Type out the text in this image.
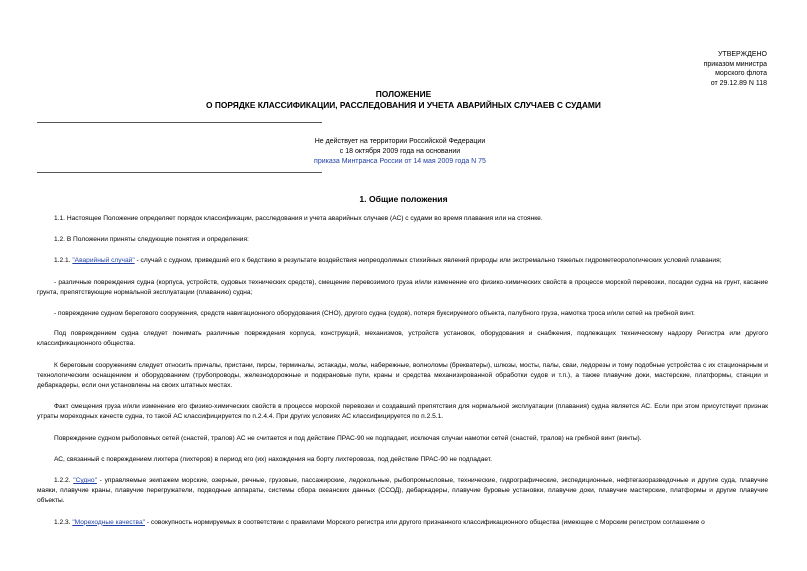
УТВЕРЖДЕНО
приказом министра
морского флота
от 29.12.89 N 118
ПОЛОЖЕНИЕ
О ПОРЯДКЕ КЛАССИФИКАЦИИ, РАССЛЕДОВАНИЯ И УЧЕТА АВАРИЙНЫХ СЛУЧАЕВ С СУДАМИ
Не действует на территории Российской Федерации
с 18 октября 2009 года на основании
приказа Минтранса России от 14 мая 2009 года N 75
1. Общие положения

1.1. Настоящее Положение определяет порядок классификации, расследования и учета аварийных случаев (АС) с судами во время плавания или на стоянке.

1.2. В Положении приняты следующие понятия и определения:

1.2.1. "Аварийный случай" - случай с судном, приведший его к бедствию в результате воздействия непреодолимых стихийных явлений природы или экстремально тяжелых гидрометеорологических условий плавания;

- различные повреждения судна (корпуса, устройств, судовых технических средств), смещение перевозимого груза и/или изменение его физико-химических свойств в процессе морской перевозки, посадки судна на грунт, касание грунта, препятствующие нормальной эксплуатации (плаванию) судна;

- повреждение судном берегового сооружения, средств навигационного оборудования (СНО), другого судна (судов), потеря буксируемого объекта, палубного груза, намотка троса и/или сетей на гребной винт.

Под повреждением судна следует понимать различные повреждения корпуса, конструкций, механизмов, устройств установок, оборудования и снабжения, подлежащих техническому надзору Регистра или другого классификационного общества.

К береговым сооружениям следует относить причалы, пристани, пирсы, терминалы, эстакады, молы, набережные, волноломы (брекватеры), шлюзы, мосты, палы, сваи, ледорезы и тому подобные устройства с их стационарным и технологическим оснащением и оборудованием (трубопроводы, железнодорожные и подкрановые пути, краны и средства механизированной обработки судов и т.п.), а также плавучие доки, мастерские, платформы, станции и дебаркадеры, если они установлены на своих штатных местах.

Факт смещения груза и/или изменение его физико-химических свойств в процессе морской перевозки и создавший препятствия для нормальной эксплуатации (плавания) судна является АС. Если при этом присутствует признак утраты мореходных качеств судна, то такой АС классифицируется по п.2.4.4. При других условиях АС классифицируется по п.2.5.1.

Повреждение судном рыболовных сетей (снастей, тралов) АС не считается и под действие ПРАС-90 не подпадает, исключая случаи намотки сетей (снастей, тралов) на гребной винт (винты).

АС, связанный с повреждением лихтера (лихтеров) в период его (их) нахождения на борту лихтеровоза, под действие ПРАС-90 не подпадает.

1.2.2. "Судно" - управляемые экипажем морские, озерные, речные, грузовые, пассажирские, ледокольные, рыбопромысловые, технические, гидрографические, экспедиционные, нефтегазоразведочные и другие суда, плавучие маяки, плавучие краны, плавучие перегружатели, подводные аппараты, системы сбора океанских данных (ССОД), дебаркадеры, плавучие буровые установки, плавучие доки, плавучие мастерские, платформы и другие плавучие объекты.

1.2.3. "Мореходные качества" - совокупность нормируемых в соответствии с правилами Морского регистра или другого признанного классификационного общества (имеющее с Морским регистром соглашение о
